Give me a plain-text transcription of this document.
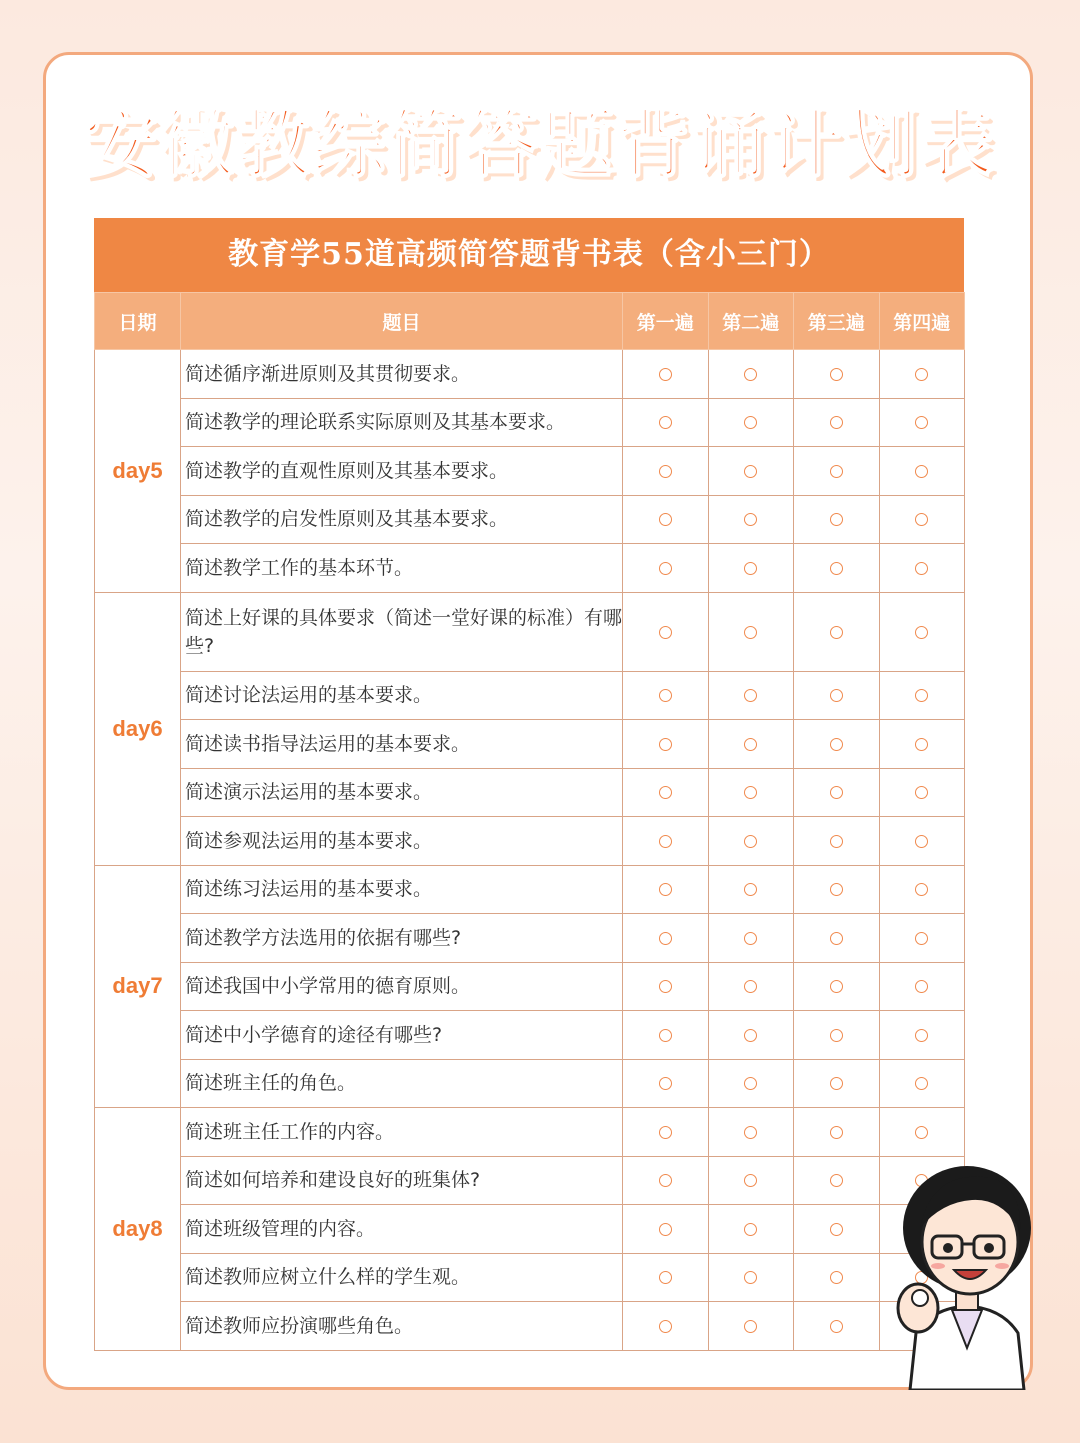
安徽教综简答题背诵计划表
教育学55道高频简答题背书表（含小三门）
日期	题目	第一遍	第二遍	第三遍	第四遍
day5	简述循序渐进原则及其贯彻要求。				
	简述教学的理论联系实际原则及其基本要求。				
	简述教学的直观性原则及其基本要求。				
	简述教学的启发性原则及其基本要求。				
	简述教学工作的基本环节。				
day6	简述上好课的具体要求（简述一堂好课的标准）有哪些?				
	简述讨论法运用的基本要求。				
	简述读书指导法运用的基本要求。				
	简述演示法运用的基本要求。				
	简述参观法运用的基本要求。				
day7	简述练习法运用的基本要求。				
	简述教学方法选用的依据有哪些?				
	简述我国中小学常用的德育原则。				
	简述中小学德育的途径有哪些?				
	简述班主任的角色。				
day8	简述班主任工作的内容。				
	简述如何培养和建设良好的班集体?				
	简述班级管理的内容。				
	简述教师应树立什么样的学生观。				
	简述教师应扮演哪些角色。				
